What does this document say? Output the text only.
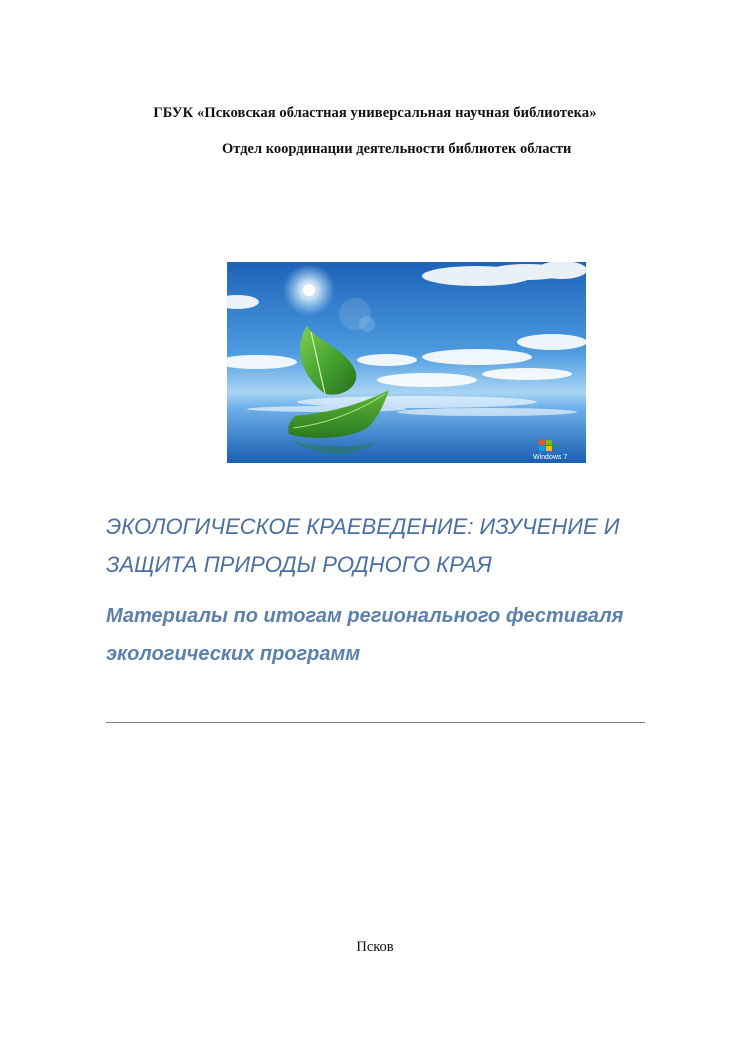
ГБУК «Псковская областная универсальная научная библиотека»
Отдел координации деятельности библиотек области
Windows 7
ЭКОЛОГИЧЕСКОЕ КРАЕВЕДЕНИЕ: ИЗУЧЕНИЕ И ЗАЩИТА ПРИРОДЫ РОДНОГО КРАЯ
Материалы по итогам регионального фестиваля экологических программ
Псков
